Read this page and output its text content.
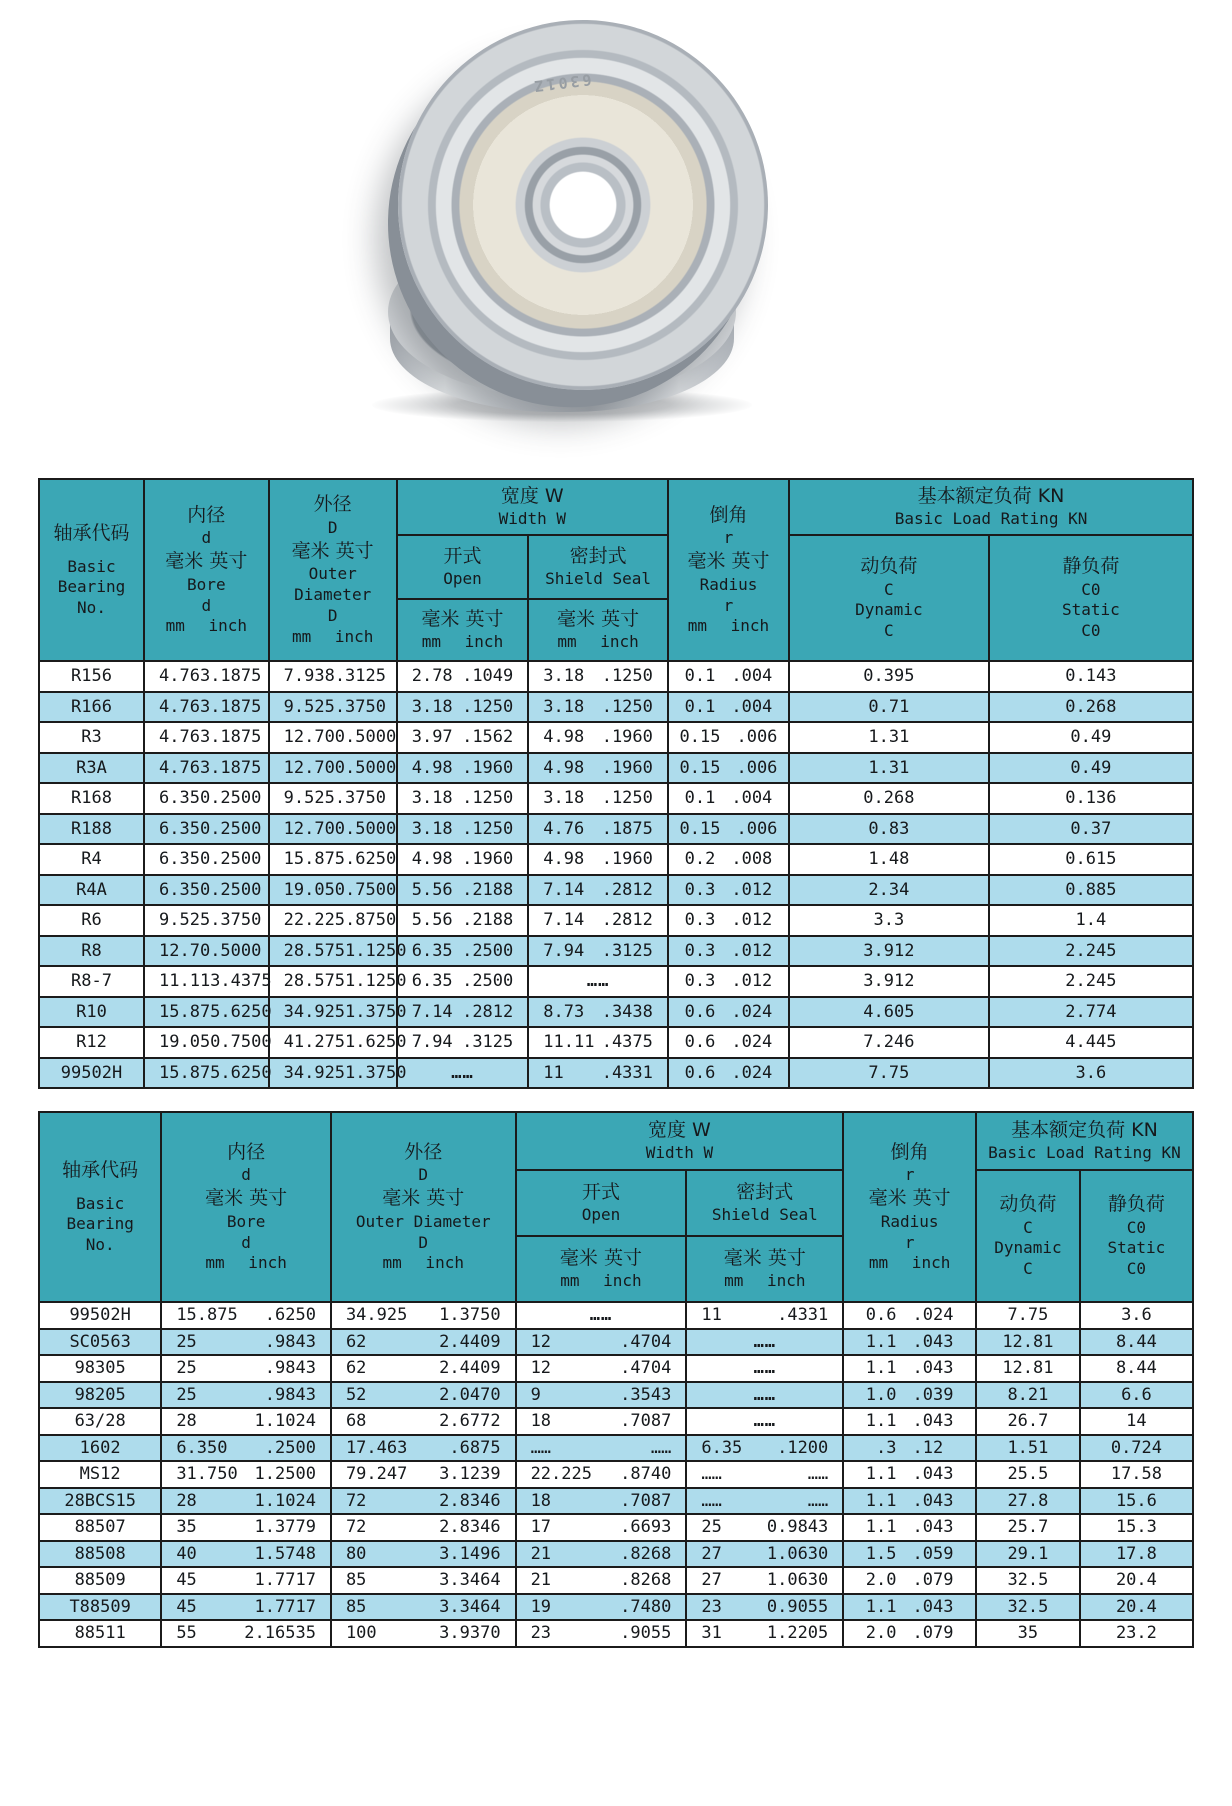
6301Z
轴承代码
Basic
Bearing
No.

内径
d
毫米 英寸
Bore
d
mm inch

外径
D
毫米 英寸
Outer Diameter
D
mm inch

宽度 W
Width W	倒角
r
毫米 英寸
Radius
r
mm inch

基本额定负荷 KN
Basic Load Rating KN

开式
Open

密封式
Shield Seal

动负荷
C
Dynamic
C

静负荷
C0
Static
C0

毫米 英寸
mm inch

毫米 英寸
mm inch

R156	4.763 .1875	7.938 .3125	2.78 .1049	3.18 .1250	0.1 .004	0.395	0.143
R166	4.763 .1875	9.525 .3750	3.18 .1250	3.18 .1250	0.1 .004	0.71	0.268
R3	4.763 .1875	12.700 .5000	3.97 .1562	4.98 .1960	0.15 .006	1.31	0.49
R3A	4.763 .1875	12.700 .5000	4.98 .1960	4.98 .1960	0.15 .006	1.31	0.49
R168	6.350 .2500	9.525 .3750	3.18 .1250	3.18 .1250	0.1 .004	0.268	0.136
R188	6.350 .2500	12.700 .5000	3.18 .1250	4.76 .1875	0.15 .006	0.83	0.37
R4	6.350 .2500	15.875 .6250	4.98 .1960	4.98 .1960	0.2 .008	1.48	0.615
R4A	6.350 .2500	19.050 .7500	5.56 .2188	7.14 .2812	0.3 .012	2.34	0.885
R6	9.525 .3750	22.225 .8750	5.56 .2188	7.14 .2812	0.3 .012	3.3	1.4
R8	12.70 .5000	28.575 1.1250	6.35 .2500	7.94 .3125	0.3 .012	3.912	2.245
R8-7	11.113 .4375	28.575 1.1250	6.35 .2500	……	0.3 .012	3.912	2.245
R10	15.875 .6250	34.925 1.3750	7.14 .2812	8.73 .3438	0.6 .024	4.605	2.774
R12	19.050 .7500	41.275 1.6250	7.94 .3125	11.11 .4375	0.6 .024	7.246	4.445
99502H	15.875 .6250	34.925 1.3750	……	11 .4331	0.6 .024	7.75	3.6
轴承代码
Basic
Bearing
No.

内径
d
毫米 英寸
Bore
d
mm inch

外径
D
毫米 英寸
Outer Diameter
D
mm inch

宽度 W
Width W	倒角
r
毫米 英寸
Radius
r
mm inch

基本额定负荷 KN
Basic Load Rating KN

开式
Open

密封式
Shield Seal	动负荷
C
Dynamic
C

静负荷
C0
Static
C0

毫米 英寸
mm inch

毫米 英寸
mm inch

99502H	15.875 .6250	34.925 1.3750	……	11 .4331	0.6 .024	7.75	3.6
SC0563	25 .9843	62 2.4409	12 .4704	……	1.1 .043	12.81	8.44
98305	25 .9843	62 2.4409	12 .4704	……	1.1 .043	12.81	8.44
98205	25 .9843	52 2.0470	9 .3543	……	1.0 .039	8.21	6.6
63/28	28 1.1024	68 2.6772	18 .7087	……	1.1 .043	26.7	14
1602	6.350 .2500	17.463 .6875	…… ……	6.35 .1200	.3 .12	1.51	0.724
MS12	31.750 1.2500	79.247 3.1239	22.225 .8740	…… ……	1.1 .043	25.5	17.58
28BCS15	28 1.1024	72 2.8346	18 .7087	…… ……	1.1 .043	27.8	15.6
88507	35 1.3779	72 2.8346	17 .6693	25 0.9843	1.1 .043	25.7	15.3
88508	40 1.5748	80 3.1496	21 .8268	27 1.0630	1.5 .059	29.1	17.8
88509	45 1.7717	85 3.3464	21 .8268	27 1.0630	2.0 .079	32.5	20.4
T88509	45 1.7717	85 3.3464	19 .7480	23 0.9055	1.1 .043	32.5	20.4
88511	55 2.16535	100 3.9370	23 .9055	31 1.2205	2.0 .079	35	23.2
